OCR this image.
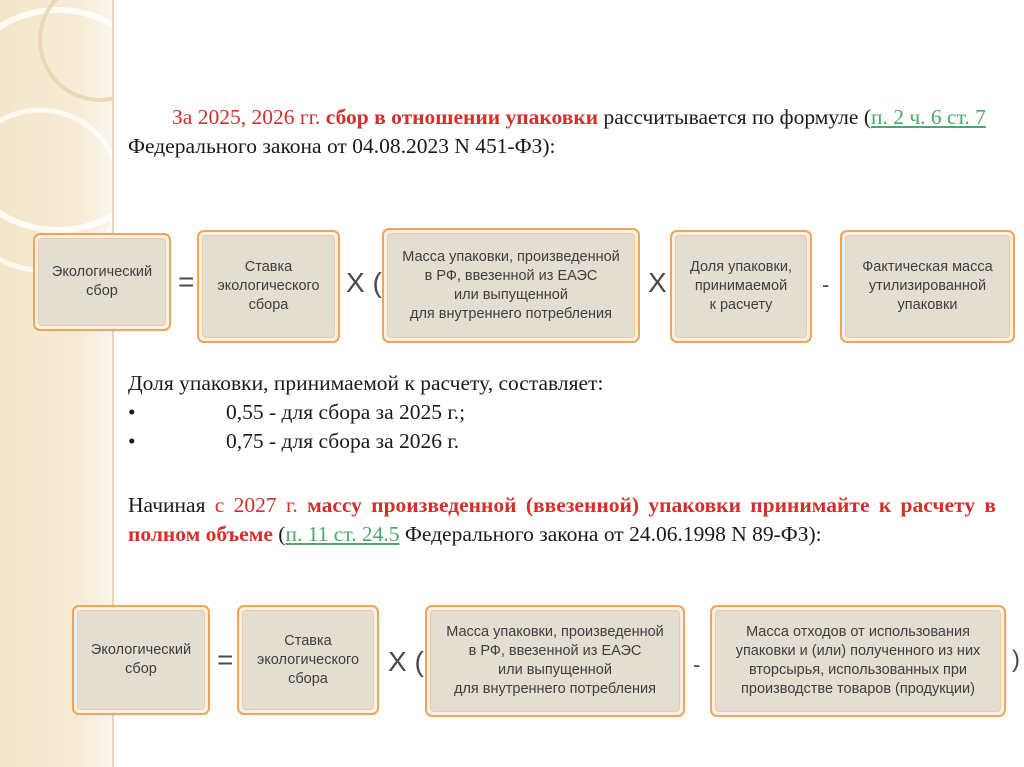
За 2025, 2026 гг. сбор в отношении упаковки рассчитывается по формуле (п. 2 ч. 6 ст. 7 Федерального закона от 04.08.2023 N 451-ФЗ):

Экологический
сбор	=	Ставка
экологического
сбора
Х (
Масса упаковки, произведенной
в РФ, ввезенной из ЕАЭС
или выпущенной
для внутреннего потребления
Х	Доля упаковки,
принимаемой
к расчету
-
Фактическая масса
утилизированной
упаковки
Доля упаковки, принимаемой к расчету, составляет:
•	0,55 - для сбора за 2025 г.;
•	0,75 - для сбора за 2026 г.

Начиная с 2027 г. массу произведенной (ввезенной) упаковки принимайте к расчету в полном объеме (п. 11 ст. 24.5 Федерального закона от 24.06.1998 N 89-ФЗ):

Экологический
сбор	=
Ставка
экологического
сбора
Х (
Масса упаковки, произведенной
в РФ, ввезенной из ЕАЭС
или выпущенной
для внутреннего потребления
-
Масса отходов от использования
упаковки и (или) полученного из них
вторсырья, использованных при
производстве товаров (продукции)
)
